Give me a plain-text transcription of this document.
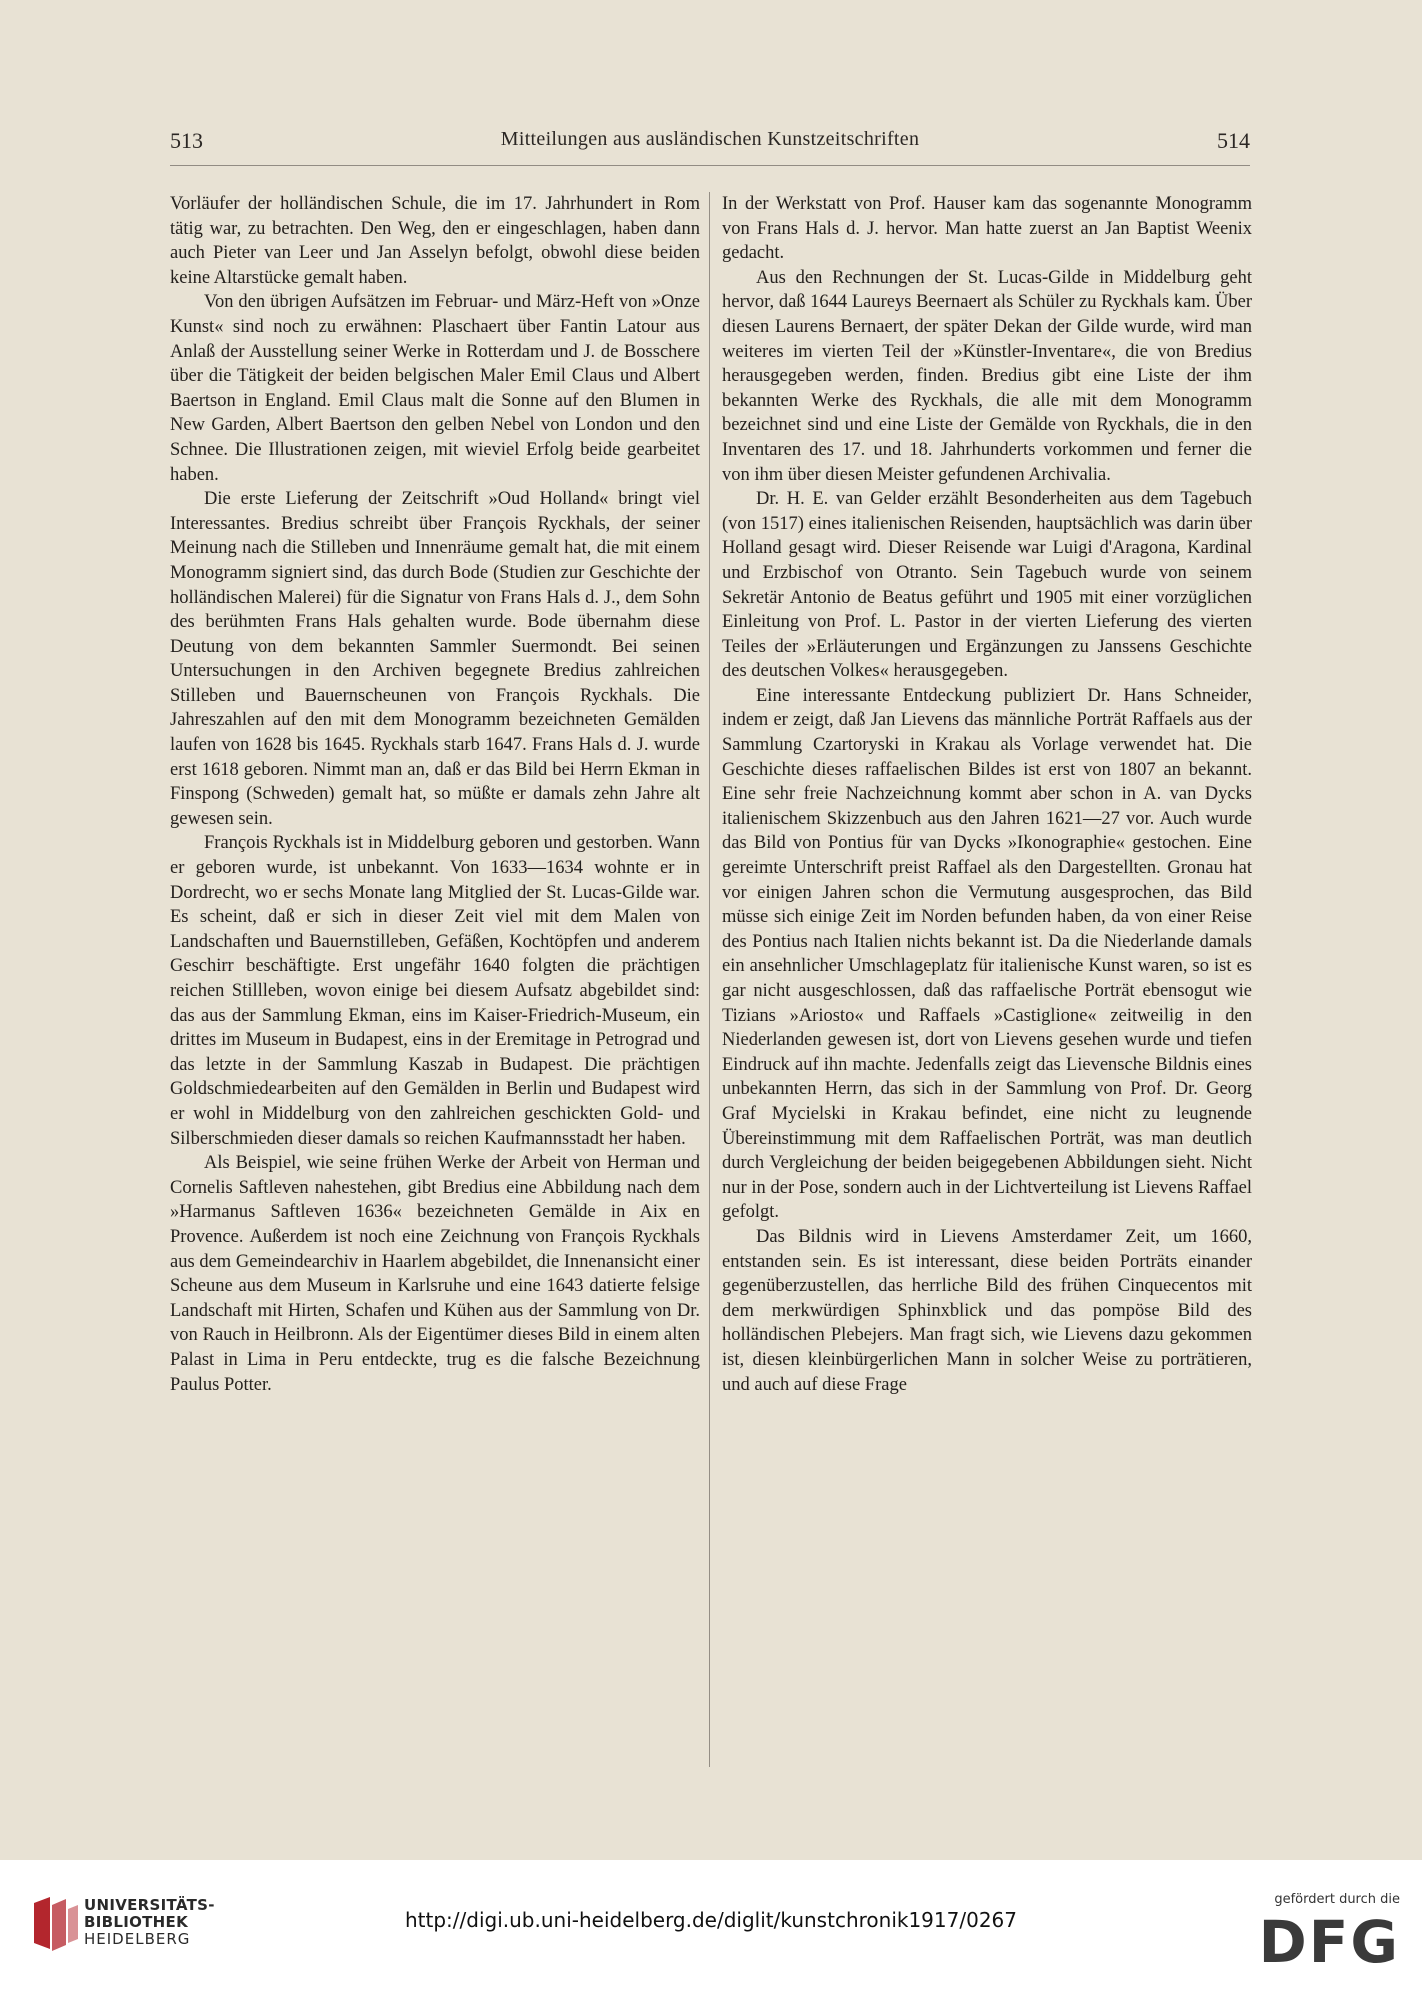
513	Mitteilungen aus ausländischen Kunstzeitschriften	514

Vorläufer der holländischen Schule, die im 17. Jahrhundert in Rom tätig war, zu betrachten. Den Weg, den er eingeschlagen, haben dann auch Pieter van Leer und Jan Asselyn befolgt, obwohl diese beiden keine Altarstücke gemalt haben.

Von den übrigen Aufsätzen im Februar- und März-Heft von »Onze Kunst« sind noch zu erwähnen: Plaschaert über Fantin Latour aus Anlaß der Ausstellung seiner Werke in Rotterdam und J. de Bosschere über die Tätigkeit der beiden belgischen Maler Emil Claus und Albert Baertson in England. Emil Claus malt die Sonne auf den Blumen in New Garden, Albert Baertson den gelben Nebel von London und den Schnee. Die Illustrationen zeigen, mit wieviel Erfolg beide gearbeitet haben.

Die erste Lieferung der Zeitschrift »Oud Holland« bringt viel Interessantes. Bredius schreibt über François Ryckhals, der seiner Meinung nach die Stilleben und Innenräume gemalt hat, die mit einem Monogramm signiert sind, das durch Bode (Studien zur Geschichte der holländischen Malerei) für die Signatur von Frans Hals d. J., dem Sohn des berühmten Frans Hals gehalten wurde. Bode übernahm diese Deutung von dem bekannten Sammler Suermondt. Bei seinen Untersuchungen in den Archiven begegnete Bredius zahlreichen Stilleben und Bauernscheunen von François Ryckhals. Die Jahreszahlen auf den mit dem Monogramm bezeichneten Gemälden laufen von 1628 bis 1645. Ryckhals starb 1647. Frans Hals d. J. wurde erst 1618 geboren. Nimmt man an, daß er das Bild bei Herrn Ekman in Finspong (Schweden) gemalt hat, so müßte er damals zehn Jahre alt gewesen sein.

François Ryckhals ist in Middelburg geboren und gestorben. Wann er geboren wurde, ist unbekannt. Von 1633—1634 wohnte er in Dordrecht, wo er sechs Monate lang Mitglied der St. Lucas-Gilde war. Es scheint, daß er sich in dieser Zeit viel mit dem Malen von Landschaften und Bauernstilleben, Gefäßen, Kochtöpfen und anderem Geschirr beschäftigte. Erst ungefähr 1640 folgten die prächtigen reichen Stillleben, wovon einige bei diesem Aufsatz abgebildet sind: das aus der Sammlung Ekman, eins im Kaiser-Friedrich-Museum, ein drittes im Museum in Budapest, eins in der Eremitage in Petrograd und das letzte in der Sammlung Kaszab in Budapest. Die prächtigen Goldschmiedearbeiten auf den Gemälden in Berlin und Budapest wird er wohl in Middelburg von den zahlreichen geschickten Gold- und Silberschmieden dieser damals so reichen Kaufmannsstadt her haben.

Als Beispiel, wie seine frühen Werke der Arbeit von Herman und Cornelis Saftleven nahestehen, gibt Bredius eine Abbildung nach dem »Harmanus Saftleven 1636« bezeichneten Gemälde in Aix en Provence. Außerdem ist noch eine Zeichnung von François Ryckhals aus dem Gemeindearchiv in Haarlem abgebildet, die Innenansicht einer Scheune aus dem Museum in Karlsruhe und eine 1643 datierte felsige Landschaft mit Hirten, Schafen und Kühen aus der Sammlung von Dr. von Rauch in Heilbronn. Als der Eigentümer dieses Bild in einem alten Palast in Lima in Peru entdeckte, trug es die falsche Bezeichnung Paulus Potter.

In der Werkstatt von Prof. Hauser kam das sogenannte Monogramm von Frans Hals d. J. hervor. Man hatte zuerst an Jan Baptist Weenix gedacht.

Aus den Rechnungen der St. Lucas-Gilde in Middelburg geht hervor, daß 1644 Laureys Beernaert als Schüler zu Ryckhals kam. Über diesen Laurens Bernaert, der später Dekan der Gilde wurde, wird man weiteres im vierten Teil der »Künstler-Inventare«, die von Bredius herausgegeben werden, finden. Bredius gibt eine Liste der ihm bekannten Werke des Ryckhals, die alle mit dem Monogramm bezeichnet sind und eine Liste der Gemälde von Ryckhals, die in den Inventaren des 17. und 18. Jahrhunderts vorkommen und ferner die von ihm über diesen Meister gefundenen Archivalia.

Dr. H. E. van Gelder erzählt Besonderheiten aus dem Tagebuch (von 1517) eines italienischen Reisenden, hauptsächlich was darin über Holland gesagt wird. Dieser Reisende war Luigi d'Aragona, Kardinal und Erzbischof von Otranto. Sein Tagebuch wurde von seinem Sekretär Antonio de Beatus geführt und 1905 mit einer vorzüglichen Einleitung von Prof. L. Pastor in der vierten Lieferung des vierten Teiles der »Erläuterungen und Ergänzungen zu Janssens Geschichte des deutschen Volkes« herausgegeben.

Eine interessante Entdeckung publiziert Dr. Hans Schneider, indem er zeigt, daß Jan Lievens das männliche Porträt Raffaels aus der Sammlung Czartoryski in Krakau als Vorlage verwendet hat. Die Geschichte dieses raffaelischen Bildes ist erst von 1807 an bekannt. Eine sehr freie Nachzeichnung kommt aber schon in A. van Dycks italienischem Skizzenbuch aus den Jahren 1621—27 vor. Auch wurde das Bild von Pontius für van Dycks »Ikonographie« gestochen. Eine gereimte Unterschrift preist Raffael als den Dargestellten. Gronau hat vor einigen Jahren schon die Vermutung ausgesprochen, das Bild müsse sich einige Zeit im Norden befunden haben, da von einer Reise des Pontius nach Italien nichts bekannt ist. Da die Niederlande damals ein ansehnlicher Umschlageplatz für italienische Kunst waren, so ist es gar nicht ausgeschlossen, daß das raffaelische Porträt ebensogut wie Tizians »Ariosto« und Raffaels »Castiglione« zeitweilig in den Niederlanden gewesen ist, dort von Lievens gesehen wurde und tiefen Eindruck auf ihn machte. Jedenfalls zeigt das Lievensche Bildnis eines unbekannten Herrn, das sich in der Sammlung von Prof. Dr. Georg Graf Mycielski in Krakau befindet, eine nicht zu leugnende Übereinstimmung mit dem Raffaelischen Porträt, was man deutlich durch Vergleichung der beiden beigegebenen Abbildungen sieht. Nicht nur in der Pose, sondern auch in der Lichtverteilung ist Lievens Raffael gefolgt.

Das Bildnis wird in Lievens Amsterdamer Zeit, um 1660, entstanden sein. Es ist interessant, diese beiden Porträts einander gegenüberzustellen, das herrliche Bild des frühen Cinquecentos mit dem merkwürdigen Sphinxblick und das pompöse Bild des holländischen Plebejers. Man fragt sich, wie Lievens dazu gekommen ist, diesen kleinbürgerlichen Mann in solcher Weise zu porträtieren, und auch auf diese Frage

UNIVERSITÄTS-
BIBLIOTHEK
HEIDELBERG
http://digi.ub.uni-heidelberg.de/diglit/kunstchronik1917/0267
gefördert durch die
DFG
